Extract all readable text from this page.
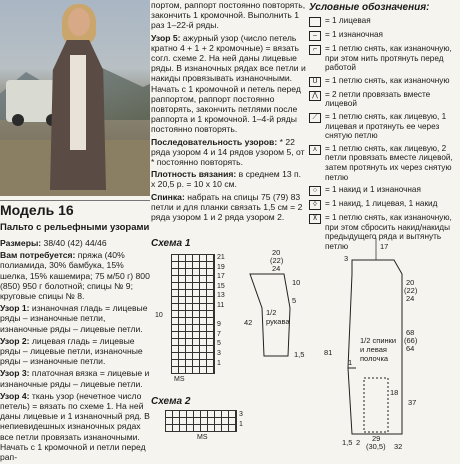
Модель 16
Пальто с рельефными узорами

Размеры: 38/40 (42) 44/46

Вам потребуется: пряжа (40% полиамида, 30% бамбука, 15% шелка, 15% кашемира; 75 м/50 г) 800 (850) 950 г болотной; спицы № 9; круговые спицы № 8.

Узор 1: изнаночная гладь = лицевые ряды – изнаночные петли, изнаночные ряды – лицевые петли.

Узор 2: лицевая гладь = лицевые ряды – лицевые петли, изнаночные ряды – изнаночные петли.

Узор 3: платочная вязка = лицевые и изнаночные ряды – лицевые петли.

Узор 4: ткань узор (нечетное число петель) = вязать по схеме 1. На ней даны лицевые и 1 изнаночный ряд. В непиевидешных изнаночных рядах все петли провязать изнаночными. Начать с 1 кромочной и петли перед рап-

портом, раппорт постоянно повторять, закончить 1 кромочной. Выполнить 1 раз 1–22-й ряды.

Узор 5: ажурный узор (число петель кратно 4 + 1 + 2 кромочные) = вязать согл. схеме 2. На ней даны лицевые ряды. В изнаночных рядах все петли и накиды провязывать изнаночными. Начать с 1 кромочной и петель перед раппортом, раппорт постоянно повторять, закончить петлями после раппорта и 1 кромочной. 1–4-й ряды постоянно повторять.

Последовательность узоров: * 22 ряда узором 4 и 14 рядов узором 5, от * постоянно повторять.

Плотность вязания: в среднем 13 п. х 20,5 р. = 10 х 10 см.

Спинка: набрать на спицы 75 (79) 83 петли и для планки связать 1,5 см = 2 ряда узором 1 и 2 ряда узором 2.

Схема 1
21
19
17
15
13
11
10
9
7
5
3
1
MS
Схема 2
3
1
MS
Условные обозначения:
= 1 лицевая
– = 1 изнаночная
⌐ = 1 петлю снять, как изнаночную, при этом нить протянуть перед работой
U = 1 петлю снять, как изнаночную
⋀ = 2 петли провязать вместе лицевой
⟋ = 1 петлю снять, как лицевую, 1 лицевая и протянуть ее через снятую петлю
⋏ = 1 петлю снять, как лицевую, 2 петли провязать вместе лицевой, затем протянуть их через снятую петлю
○ = 1 накид и 1 изнаночная
◊	= 1 накид, 1 лицевая, 1 накид
⊼ = 1 петлю снять, как изнаночную, при этом сбросить накид/накиды предыдущего ряда и вытянуть петлю
1/2 рукава
1/2 спинки и левая полочка
20
(22)
24
10
5
42
1,5	81
17
20
(22)
24
68
(66)
64
18
37
29
(30,5) 32
1,5 2
1
3
